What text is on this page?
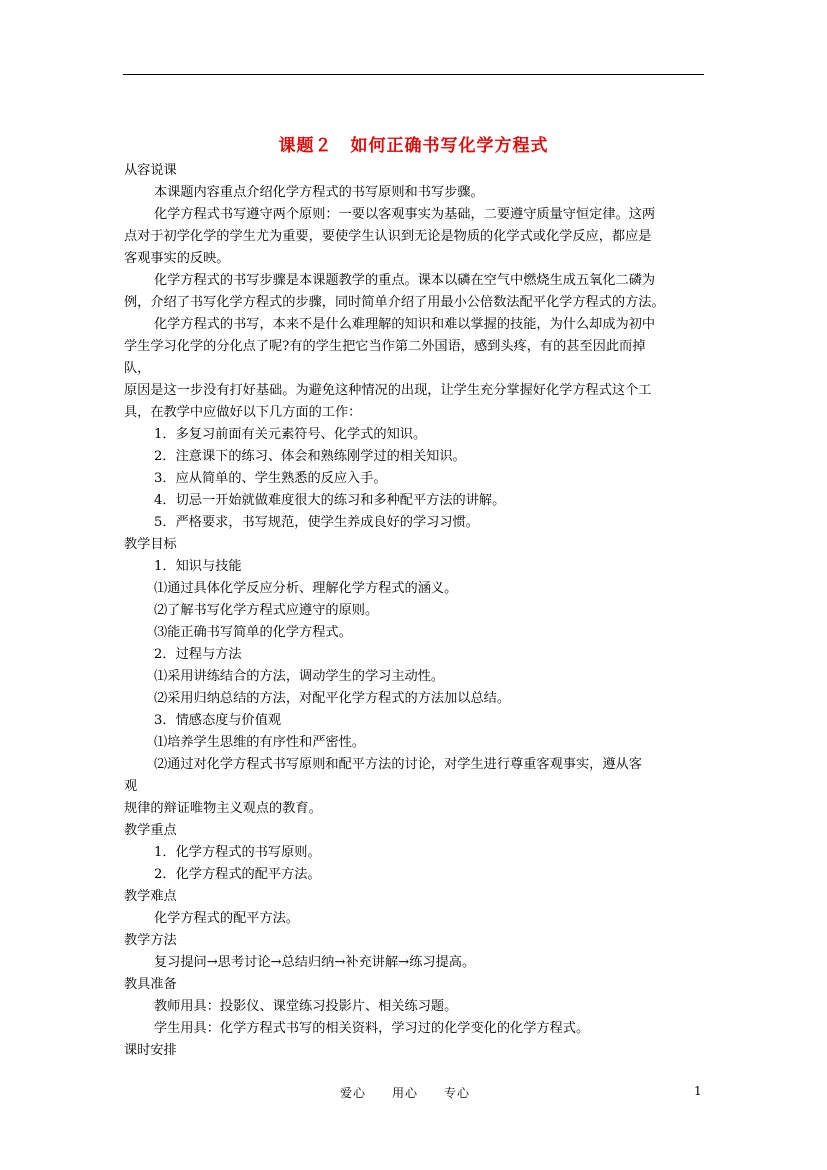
课题２　如何正确书写化学方程式
从容说课
本课题内容重点介绍化学方程式的书写原则和书写步骤。
化学方程式书写遵守两个原则：一要以客观事实为基础，二要遵守质量守恒定律。这两
点对于初学化学的学生尤为重要，要使学生认识到无论是物质的化学式或化学反应，都应是
客观事实的反映。
化学方程式的书写步骤是本课题教学的重点。课本以磷在空气中燃烧生成五氧化二磷为
例，介绍了书写化学方程式的步骤，同时简单介绍了用最小公倍数法配平化学方程式的方法。
化学方程式的书写，本来不是什么难理解的知识和难以掌握的技能，为什么却成为初中
学生学习化学的分化点了呢?有的学生把它当作第二外国语，感到头疼，有的甚至因此而掉
队，
原因是这一步没有打好基础。为避免这种情况的出现，让学生充分掌握好化学方程式这个工
具，在教学中应做好以下几方面的工作：
1．多复习前面有关元素符号、化学式的知识。
2．注意课下的练习、体会和熟练刚学过的相关知识。
3．应从简单的、学生熟悉的反应入手。
4．切忌一开始就做难度很大的练习和多种配平方法的讲解。
5．严格要求，书写规范，使学生养成良好的学习习惯。
教学目标
1．知识与技能
⑴通过具体化学反应分析、理解化学方程式的涵义。
⑵了解书写化学方程式应遵守的原则。
⑶能正确书写简单的化学方程式。
2．过程与方法
⑴采用讲练结合的方法，调动学生的学习主动性。
⑵采用归纳总结的方法，对配平化学方程式的方法加以总结。
3．情感态度与价值观
⑴培养学生思维的有序性和严密性。
⑵通过对化学方程式书写原则和配平方法的讨论，对学生进行尊重客观事实，遵从客
观
规律的辩证唯物主义观点的教育。
教学重点
1．化学方程式的书写原则。
2．化学方程式的配平方法。
教学难点
化学方程式的配平方法。
教学方法
复习提问→思考讨论→总结归纳→补充讲解→练习提高。
教具准备
教师用具：投影仪、课堂练习投影片、相关练习题。
学生用具：化学方程式书写的相关资料，学习过的化学变化的化学方程式。
课时安排
爱心　　用心　　专心	1
